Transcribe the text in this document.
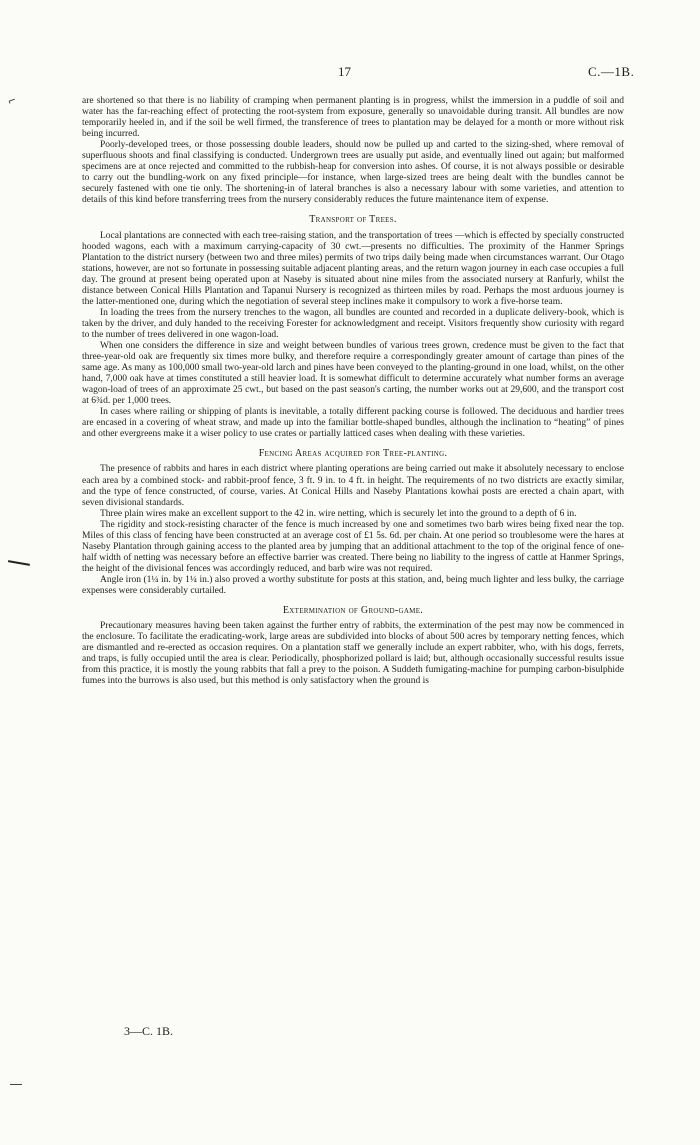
⌐
17	C.—1B.

are shortened so that there is no liability of cramping when permanent planting is in progress, whilst the immersion in a puddle of soil and water has the far-reaching effect of protecting the root-system from exposure, generally so unavoidable during transit. All bundles are now temporarily heeled in, and if the soil be well firmed, the transference of trees to plantation may be delayed for a month or more without risk being incurred.

Poorly-developed trees, or those possessing double leaders, should now be pulled up and carted to the sizing-shed, where removal of superfluous shoots and final classifying is conducted. Undergrown trees are usually put aside, and eventually lined out again; but malformed specimens are at once rejected and committed to the rubbish-heap for conversion into ashes. Of course, it is not always possible or desirable to carry out the bundling-work on any fixed principle—for instance, when large-sized trees are being dealt with the bundles cannot be securely fastened with one tie only. The shortening-in of lateral branches is also a necessary labour with some varieties, and attention to details of this kind before transferring trees from the nursery considerably reduces the future maintenance item of expense.

Transport of Trees.

Local plantations are connected with each tree-raising station, and the transportation of trees —which is effected by specially constructed hooded wagons, each with a maximum carrying-capacity of 30 cwt.—presents no difficulties. The proximity of the Hanmer Springs Plantation to the district nursery (between two and three miles) permits of two trips daily being made when circumstances warrant. Our Otago stations, however, are not so fortunate in possessing suitable adjacent planting areas, and the return wagon journey in each case occupies a full day. The ground at present being operated upon at Naseby is situated about nine miles from the associated nursery at Ranfurly, whilst the distance between Conical Hills Plantation and Tapanui Nursery is recognized as thirteen miles by road. Perhaps the most arduous journey is the latter-mentioned one, during which the negotiation of several steep inclines make it compulsory to work a five-horse team.

In loading the trees from the nursery trenches to the wagon, all bundles are counted and recorded in a duplicate delivery-book, which is taken by the driver, and duly handed to the receiving Forester for acknowledgment and receipt. Visitors frequently show curiosity with regard to the number of trees delivered in one wagon-load.

When one considers the difference in size and weight between bundles of various trees grown, credence must be given to the fact that three-year-old oak are frequently six times more bulky, and therefore require a correspondingly greater amount of cartage than pines of the same age. As many as 100,000 small two-year-old larch and pines have been conveyed to the planting-ground in one load, whilst, on the other hand, 7,000 oak have at times constituted a still heavier load. It is somewhat difficult to determine accurately what number forms an average wagon-load of trees of an approximate 25 cwt., but based on the past season's carting, the number works out at 29,600, and the transport cost at 6¾d. per 1,000 trees.

In cases where railing or shipping of plants is inevitable, a totally different packing course is followed. The deciduous and hardier trees are encased in a covering of wheat straw, and made up into the familiar bottle-shaped bundles, although the inclination to “heating” of pines and other evergreens make it a wiser policy to use crates or partially latticed cases when dealing with these varieties.

Fencing Areas acquired for Tree-planting.

The presence of rabbits and hares in each district where planting operations are being carried out make it absolutely necessary to enclose each area by a combined stock- and rabbit-proof fence, 3 ft. 9 in. to 4 ft. in height. The requirements of no two districts are exactly similar, and the type of fence constructed, of course, varies. At Conical Hills and Naseby Plantations kowhai posts are erected a chain apart, with seven divisional standards.

Three plain wires make an excellent support to the 42 in. wire netting, which is securely let into the ground to a depth of 6 in.

The rigidity and stock-resisting character of the fence is much increased by one and sometimes two barb wires being fixed near the top. Miles of this class of fencing have been constructed at an average cost of £1 5s. 6d. per chain. At one period so troublesome were the hares at Naseby Plantation through gaining access to the planted area by jumping that an additional attachment to the top of the original fence of one-half width of netting was necessary before an effective barrier was created. There being no liability to the ingress of cattle at Hanmer Springs, the height of the divisional fences was accordingly reduced, and barb wire was not required.

Angle iron (1¼ in. by 1¼ in.) also proved a worthy substitute for posts at this station, and, being much lighter and less bulky, the carriage expenses were considerably curtailed.

Extermination of Ground-game.

Precautionary measures having been taken against the further entry of rabbits, the extermination of the pest may now be commenced in the enclosure. To facilitate the eradicating-work, large areas are subdivided into blocks of about 500 acres by temporary netting fences, which are dismantled and re-erected as occasion requires. On a plantation staff we generally include an expert rabbiter, who, with his dogs, ferrets, and traps, is fully occupied until the area is clear. Periodically, phosphorized pollard is laid; but, although occasionally successful results issue from this practice, it is mostly the young rabbits that fall a prey to the poison. A Suddeth fumigating-machine for pumping carbon-bisulphide fumes into the burrows is also used, but this method is only satisfactory when the ground is

3—C. 1B.
